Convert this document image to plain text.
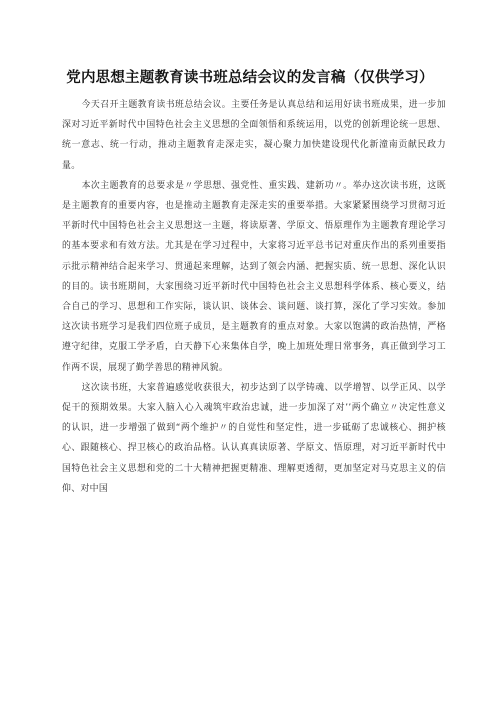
党内思想主题教育读书班总结会议的发言稿（仅供学习）

今天召开主题教育读书班总结会议。主要任务是认真总结和运用好读书班成果，进一步加深对习近平新时代中国特色社会主义思想的全面领悟和系统运用，以党的创新理论统一思想、统一意志、统一行动，推动主题教育走深走实，凝心聚力加快建设现代化新潼南贡献民政力量。

本次主题教育的总要求是〃学思想、强党性、重实践、建新功〃。举办这次读书班，这既是主题教育的重要内容，也是推动主题教育走深走实的重要举措。大家紧紧围绕学习贯彻习近平新时代中国特色社会主义思想这一主题，将读原著、学原文、悟原理作为主题教育理论学习的基本要求和有效方法。尤其是在学习过程中，大家将习近平总书记对重庆作出的系列重要指示批示精神结合起来学习、贯通起来理解，达到了领会内涵、把握实质、统一思想、深化认识的目的。读书班期间，大家围绕习近平新时代中国特色社会主义思想科学体系、核心要义，结合自己的学习、思想和工作实际，谈认识、谈体会、谈问题、谈打算，深化了学习实效。参加这次读书班学习是我们四位班子成员，是主题教育的重点对象。大家以饱满的政治热情，严格遵守纪律，克服工学矛盾，白天静下心来集体自学，晚上加班处理日常事务，真正做到学习工作两不误，展现了勤学善思的精神风貌。

这次读书班，大家普遍感觉收获很大，初步达到了以学铸魂、以学增智、以学正风、以学促干的预期效果。大家入脑入心入魂筑牢政治忠诚，进一步加深了对’’两个确立〃决定性意义的认识，进一步增强了做到“两个维护〃的自觉性和坚定性，进一步砥砺了忠诚核心、拥护核心、跟随核心、捍卫核心的政治品格。认认真真读原著、学原文、悟原理，对习近平新时代中国特色社会主义思想和党的二十大精神把握更精准、理解更透彻，更加坚定对马克思主义的信仰、对中国
